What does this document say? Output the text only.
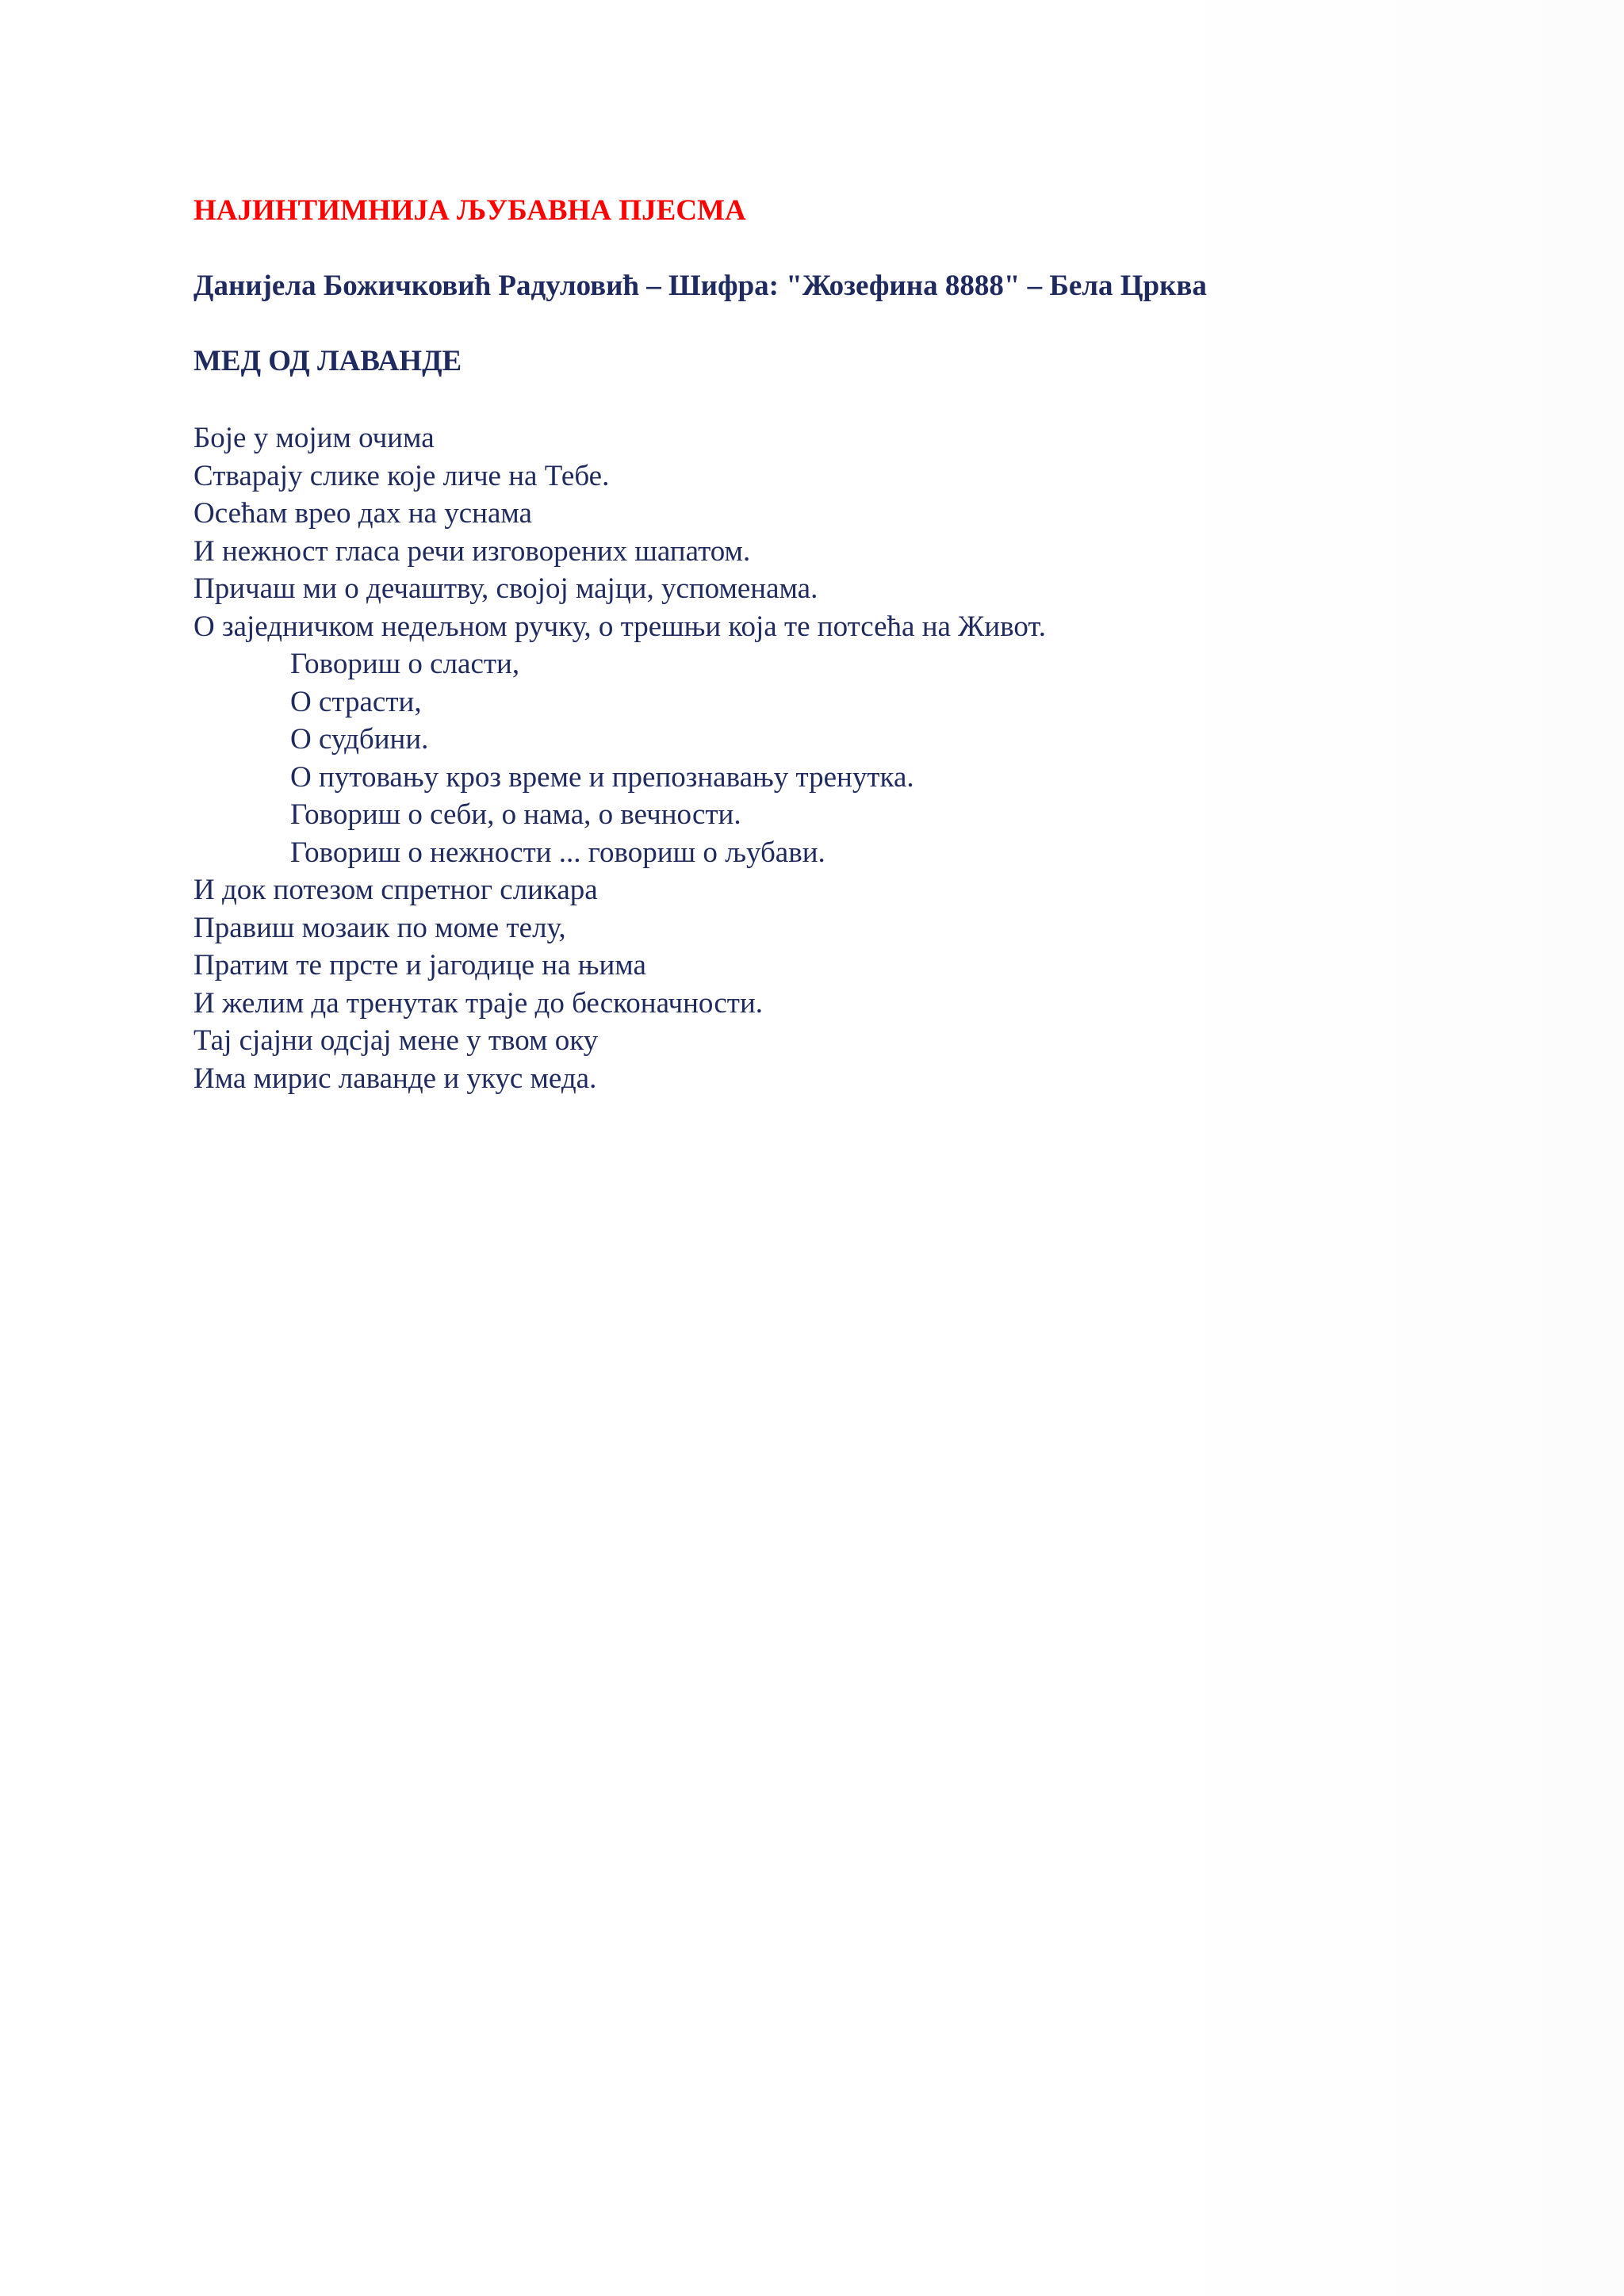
НАЈИНТИМНИЈА ЉУБАВНА ПЈЕСМА
Данијела Божичковић Радуловић – Шифра: "Жозефина 8888" – Бела Црква
МЕД ОД ЛАВАНДЕ
Боје у мојим очима
Стварају слике које личе на Тебе.
Осећам врео дах на уснама
И нежност гласа речи изговорених шапатом.
Причаш ми о дечаштву, својој мајци, успоменама.
О заједничком недељном ручку, о трешњи која те потсећа на Живот.
Говориш о сласти,
О страсти,
О судбини.
О путовању кроз време и препознавању тренутка.
Говориш о себи, о нама, о вечности.
Говориш о нежности ... говориш о љубави.
И док потезом спретног сликара
Правиш мозаик по моме телу,
Пратим те прсте и јагодице на њима
И желим да тренутак траје до бесконачности.
Тај сјајни одсјај мене у твом оку
Има мирис лаванде и укус меда.
